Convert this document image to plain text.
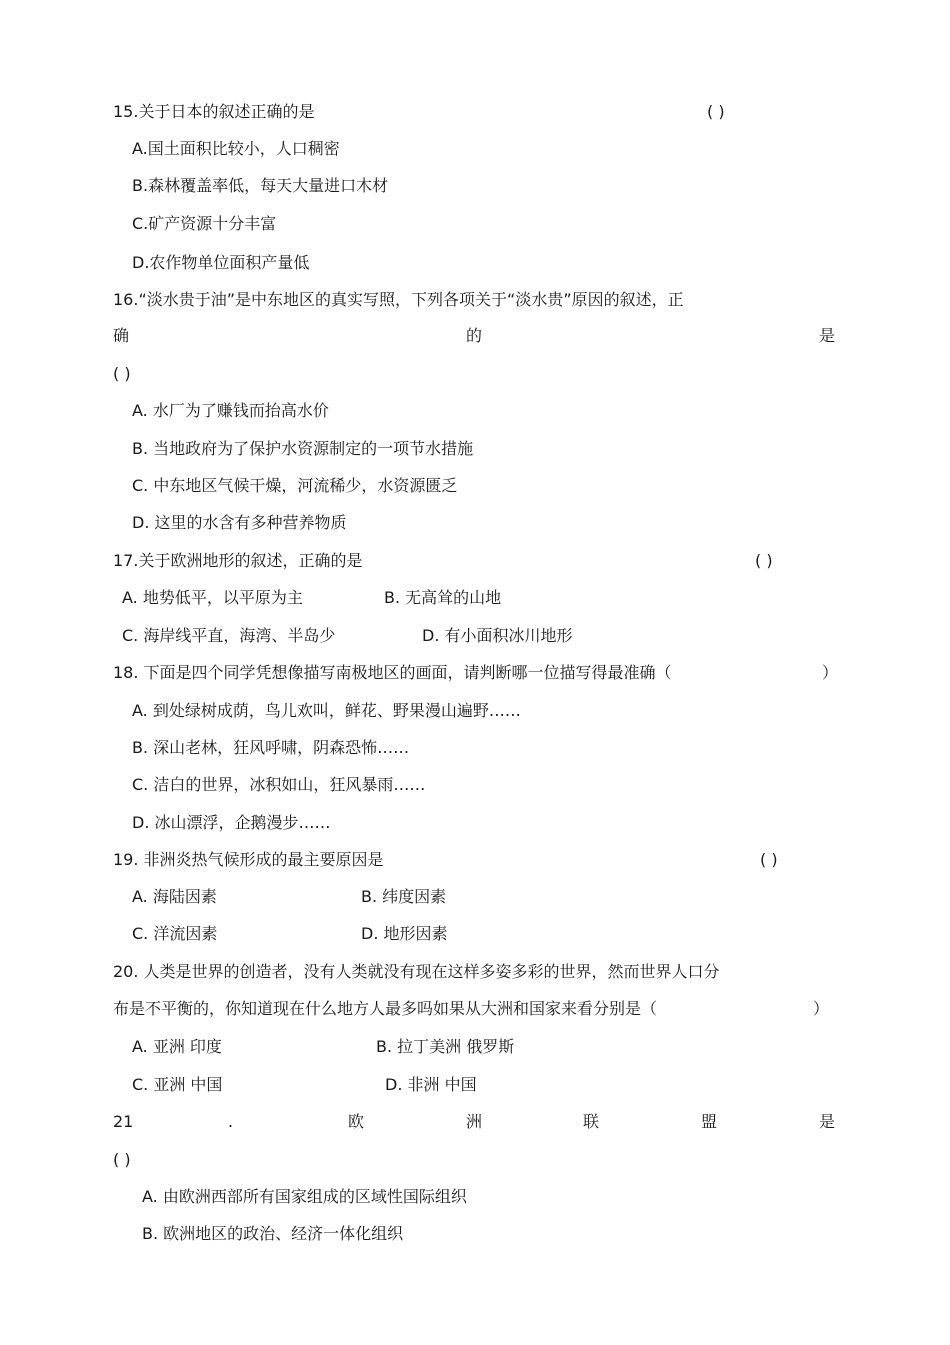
15.关于日本的叙述正确的是	( )
A.国土面积比较小，人口稠密
B.森林覆盖率低，每天大量进口木材
C.矿产资源十分丰富
D.农作物单位面积产量低
16.“淡水贵于油”是中东地区的真实写照，下列各项关于“淡水贵”原因的叙述，正
确	的	是
( )
A. 水厂为了赚钱而抬高水价
B. 当地政府为了保护水资源制定的一项节水措施
C. 中东地区气候干燥，河流稀少，水资源匮乏
D. 这里的水含有多种营养物质
17.关于欧洲地形的叙述，正确的是	( )
A. 地势低平，以平原为主	B. 无高耸的山地
C. 海岸线平直，海湾、半岛少	D. 有小面积冰川地形
18. 下面是四个同学凭想像描写南极地区的画面，请判断哪一位描写得最准确（	）
A. 到处绿树成荫，鸟儿欢叫，鲜花、野果漫山遍野……
B. 深山老林，狂风呼啸，阴森恐怖……
C. 洁白的世界，冰积如山，狂风暴雨……
D. 冰山漂浮，企鹅漫步……
19. 非洲炎热气候形成的最主要原因是	( )
A. 海陆因素	B. 纬度因素
C. 洋流因素	D. 地形因素
20. 人类是世界的创造者，没有人类就没有现在这样多姿多彩的世界，然而世界人口分
布是不平衡的，你知道现在什么地方人最多吗如果从大洲和国家来看分别是（	）
A. 亚洲 印度	B. 拉丁美洲 俄罗斯
C. 亚洲 中国	D. 非洲 中国
21	.	欧	洲	联	盟	是
( )
A. 由欧洲西部所有国家组成的区域性国际组织
B. 欧洲地区的政治、经济一体化组织
